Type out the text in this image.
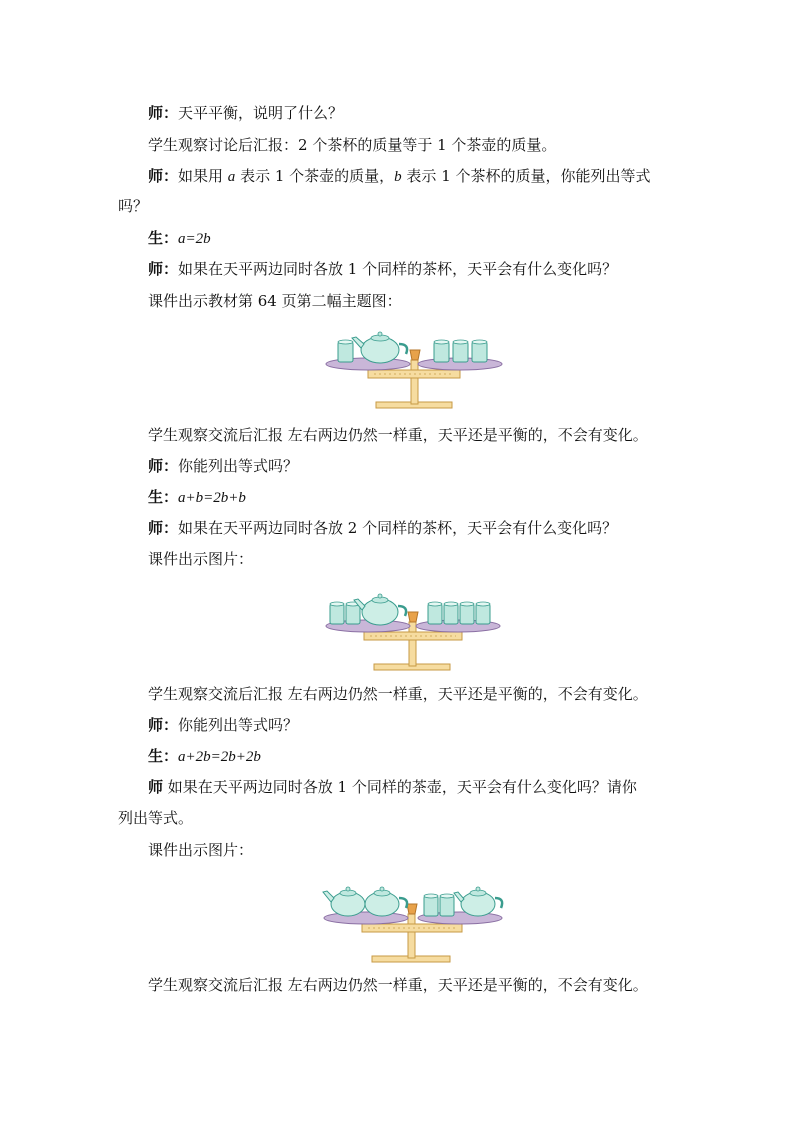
师：天平平衡，说明了什么？
学生观察讨论后汇报：2 个茶杯的质量等于 1 个茶壶的质量。
师：如果用 a 表示 1 个茶壶的质量，b 表示 1 个茶杯的质量，你能列出等式
吗？
生：a=2b
师：如果在天平两边同时各放 1 个同样的茶杯，天平会有什么变化吗？
课件出示教材第 64 页第二幅主题图：
学生观察交流后汇报 左右两边仍然一样重，天平还是平衡的，不会有变化。
师：你能列出等式吗？
生：a+b=2b+b
师：如果在天平两边同时各放 2 个同样的茶杯，天平会有什么变化吗？
课件出示图片：
学生观察交流后汇报 左右两边仍然一样重，天平还是平衡的，不会有变化。
师：你能列出等式吗？
生：a+2b=2b+2b
师 如果在天平两边同时各放 1 个同样的茶壶，天平会有什么变化吗？请你
列出等式。
课件出示图片：
学生观察交流后汇报 左右两边仍然一样重，天平还是平衡的，不会有变化。
